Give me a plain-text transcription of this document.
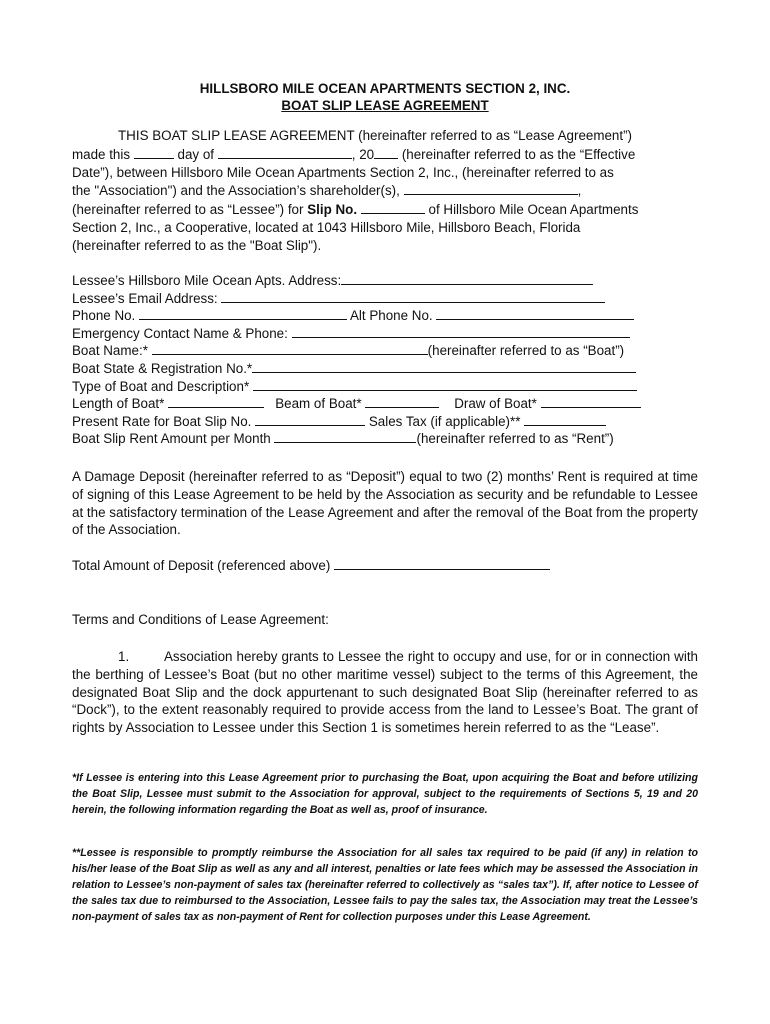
HILLSBORO MILE OCEAN APARTMENTS SECTION 2, INC.
BOAT SLIP LEASE AGREEMENT
THIS BOAT SLIP LEASE AGREEMENT (hereinafter referred to as “Lease Agreement”)
made this	day of	, 20 (hereinafter referred to as the “Effective
Date”), between Hillsboro Mile Ocean Apartments Section 2, Inc., (hereinafter referred to as
the "Association") and the Association’s shareholder(s),	,
(hereinafter referred to as “Lessee”) for Slip No.	of Hillsboro Mile Ocean Apartments
Section 2, Inc., a Cooperative, located at 1043 Hillsboro Mile, Hillsboro Beach, Florida
(hereinafter referred to as the "Boat Slip").
Lessee’s Hillsboro Mile Ocean Apts. Address:
Lessee’s Email Address:
Phone No.	Alt Phone No.
Emergency Contact Name & Phone:
Boat Name:*	(hereinafter referred to as “Boat”)
Boat State & Registration No.*
Type of Boat and Description*
Length of Boat*	Beam of Boat*	Draw of Boat*
Present Rate for Boat Slip No.	Sales Tax (if applicable)**
Boat Slip Rent Amount per Month	(hereinafter referred to as “Rent”)
A Damage Deposit (hereinafter referred to as “Deposit”) equal to two (2) months’ Rent is required at time of signing of this Lease Agreement to be held by the Association as security and be refundable to Lessee at the satisfactory termination of the Lease Agreement and after the removal of the Boat from the property of the Association.
Total Amount of Deposit (referenced above)
Terms and Conditions of Lease Agreement:
1.	Association hereby grants to Lessee the right to occupy and use, for or in connection with the berthing of Lessee’s Boat (but no other maritime vessel) subject to the terms of this Agreement, the designated Boat Slip and the dock appurtenant to such designated Boat Slip (hereinafter referred to as “Dock”), to the extent reasonably required to provide access from the land to Lessee’s Boat. The grant of rights by Association to Lessee under this Section 1 is sometimes herein referred to as the “Lease”.
*If Lessee is entering into this Lease Agreement prior to purchasing the Boat, upon acquiring the Boat and before utilizing the Boat Slip, Lessee must submit to the Association for approval, subject to the requirements of Sections 5, 19 and 20 herein, the following information regarding the Boat as well as, proof of insurance.
**Lessee is responsible to promptly reimburse the Association for all sales tax required to be paid (if any) in relation to his/her lease of the Boat Slip as well as any and all interest, penalties or late fees which may be assessed the Association in relation to Lessee’s non-payment of sales tax (hereinafter referred to collectively as “sales tax”). If, after notice to Lessee of the sales tax due to reimbursed to the Association, Lessee fails to pay the sales tax, the Association may treat the Lessee’s non-payment of sales tax as non-payment of Rent for collection purposes under this Lease Agreement.
